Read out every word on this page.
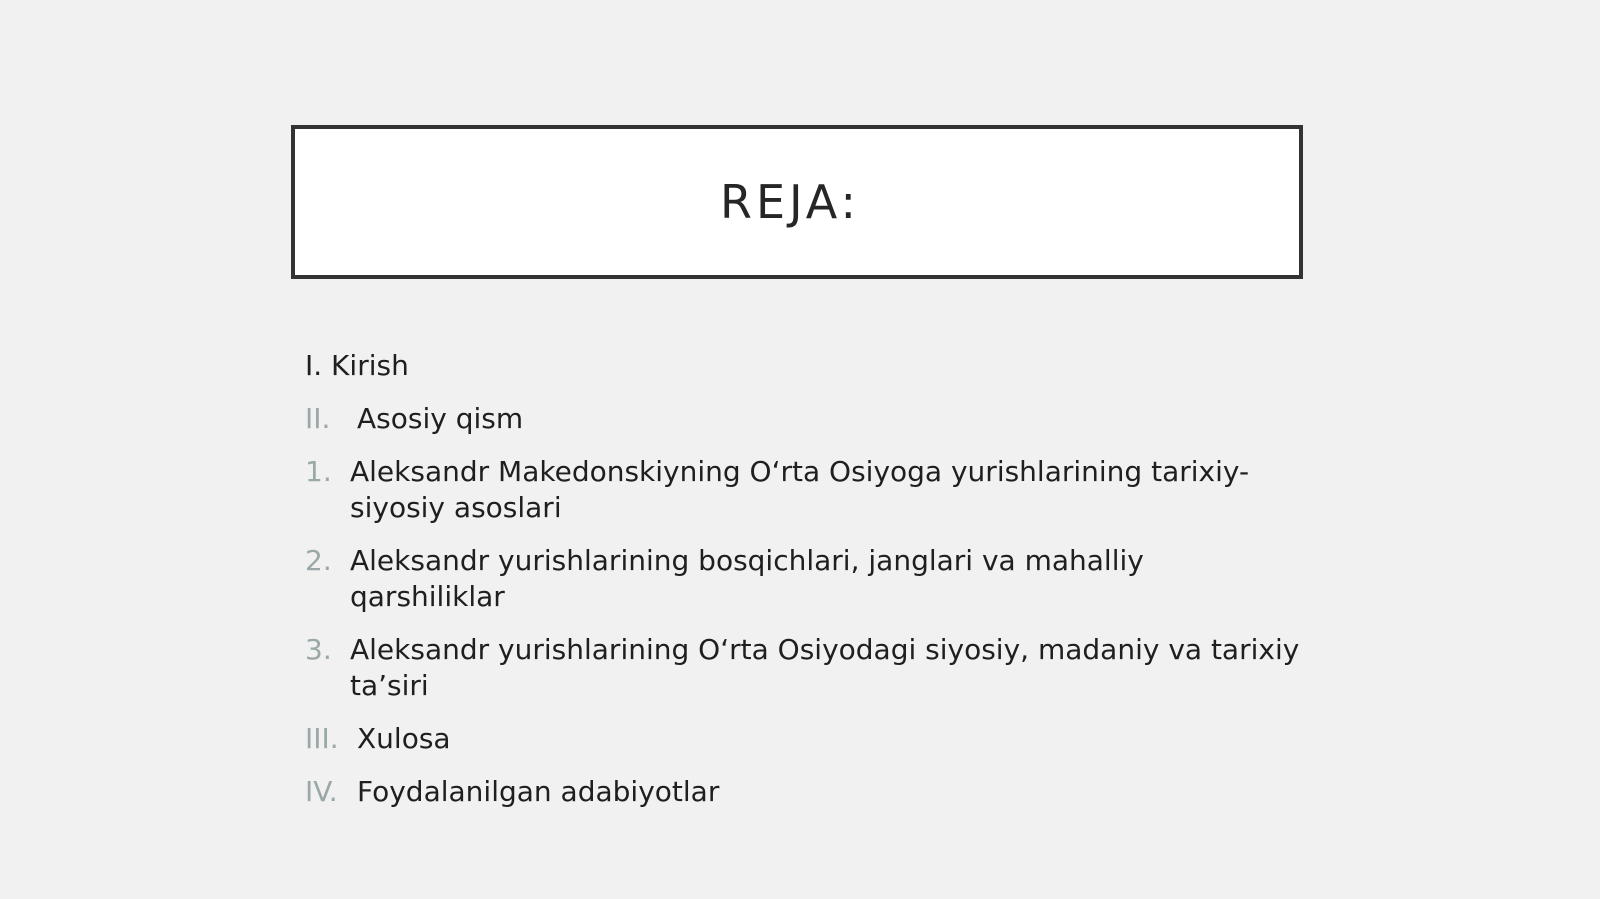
REJA:
I. Kirish
II. Asosiy qism
1. Aleksandr Makedonskiyning O‘rta Osiyoga yurishlarining tarixiy-siyosiy asoslari
2. Aleksandr yurishlarining bosqichlari, janglari va mahalliy qarshiliklar
3. Aleksandr yurishlarining O‘rta Osiyodagi siyosiy, madaniy va tarixiy ta’siri
III. Xulosa
IV. Foydalanilgan adabiyotlar
